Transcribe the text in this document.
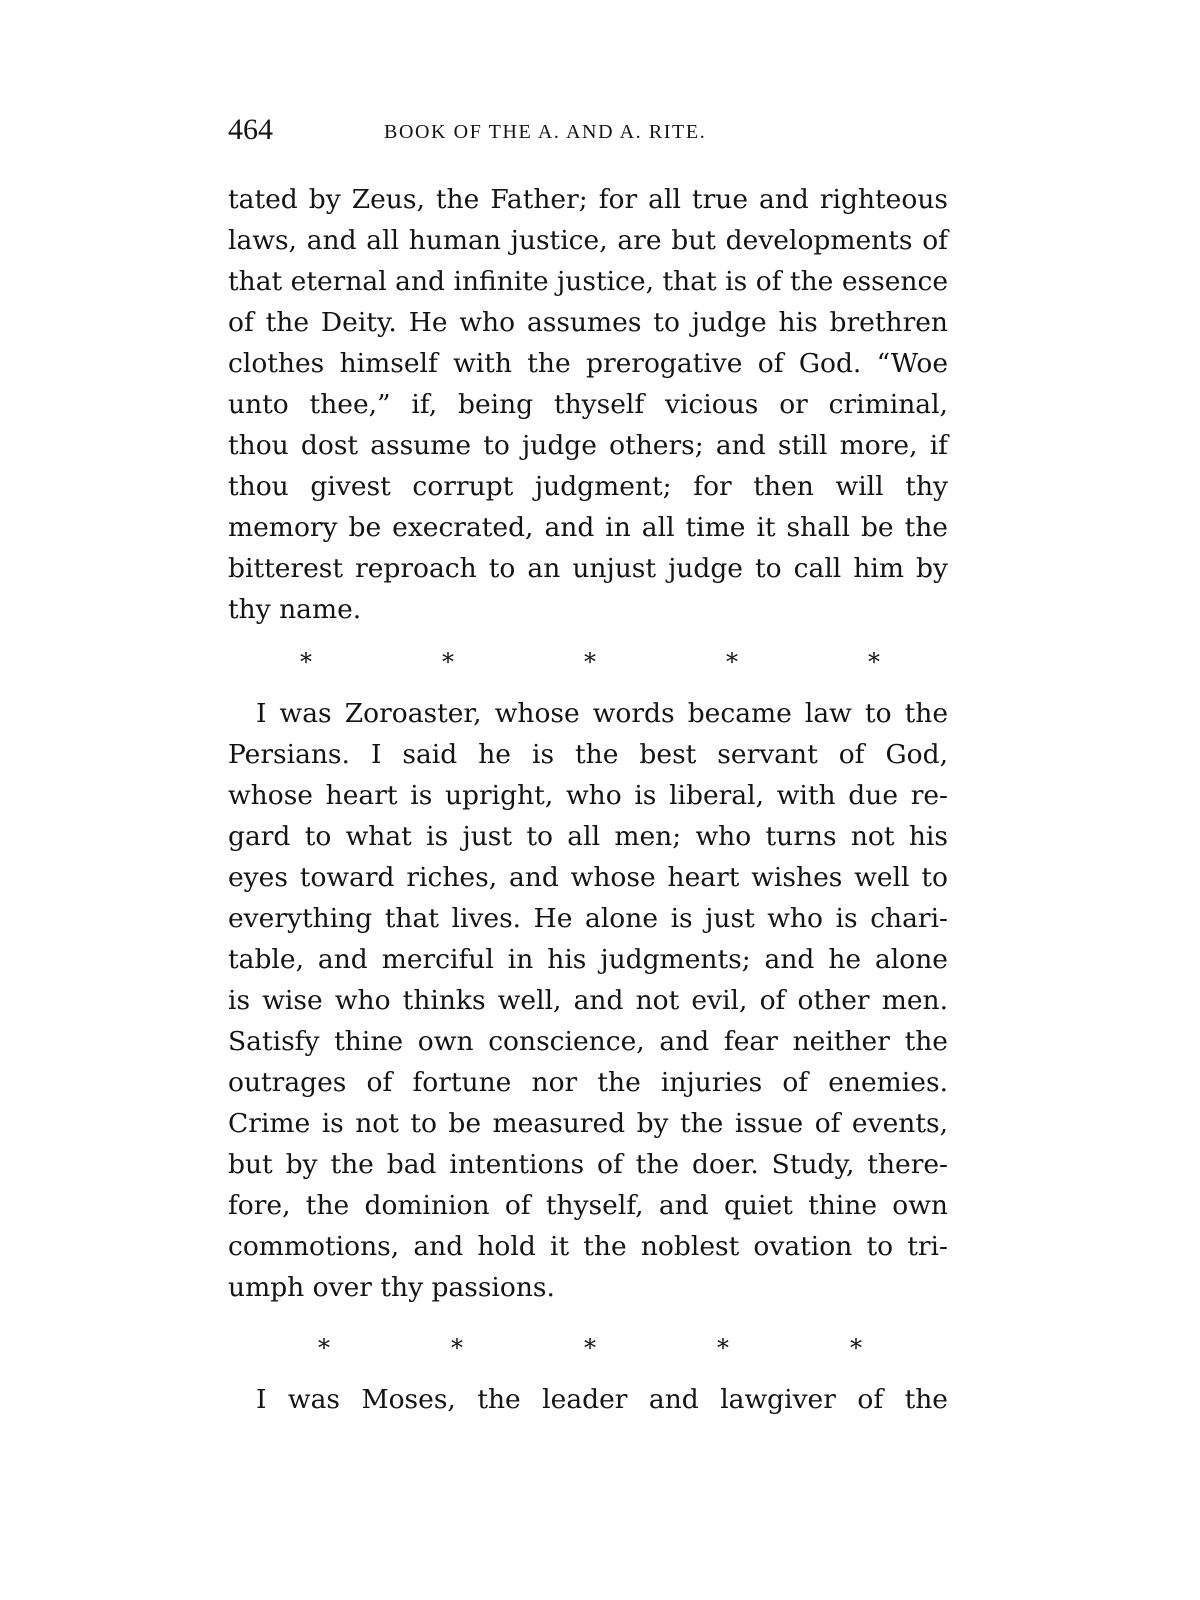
464	BOOK OF THE A. AND A. RITE.
tated by Zeus, the Father; for all true and righteous
laws, and all human justice, are but developments of
that eternal and infinite justice, that is of the essence
of the Deity. He who assumes to judge his brethren
clothes himself with the prerogative of God. “Woe
unto thee,” if, being thyself vicious or criminal,
thou dost assume to judge others; and still more, if
thou givest corrupt judgment; for then will thy
memory be execrated, and in all time it shall be the
bitterest reproach to an unjust judge to call him by
thy name.
*	*	*	*	*
I was Zoroaster, whose words became law to the
Persians. I said he is the best servant of God,
whose heart is upright, who is liberal, with due re-
gard to what is just to all men; who turns not his
eyes toward riches, and whose heart wishes well to
everything that lives. He alone is just who is chari-
table, and merciful in his judgments; and he alone
is wise who thinks well, and not evil, of other men.
Satisfy thine own conscience, and fear neither the
outrages of fortune nor the injuries of enemies.
Crime is not to be measured by the issue of events,
but by the bad intentions of the doer. Study, there-
fore, the dominion of thyself, and quiet thine own
commotions, and hold it the noblest ovation to tri-
umph over thy passions.
*	*	*	*	*
I was Moses, the leader and lawgiver of the
